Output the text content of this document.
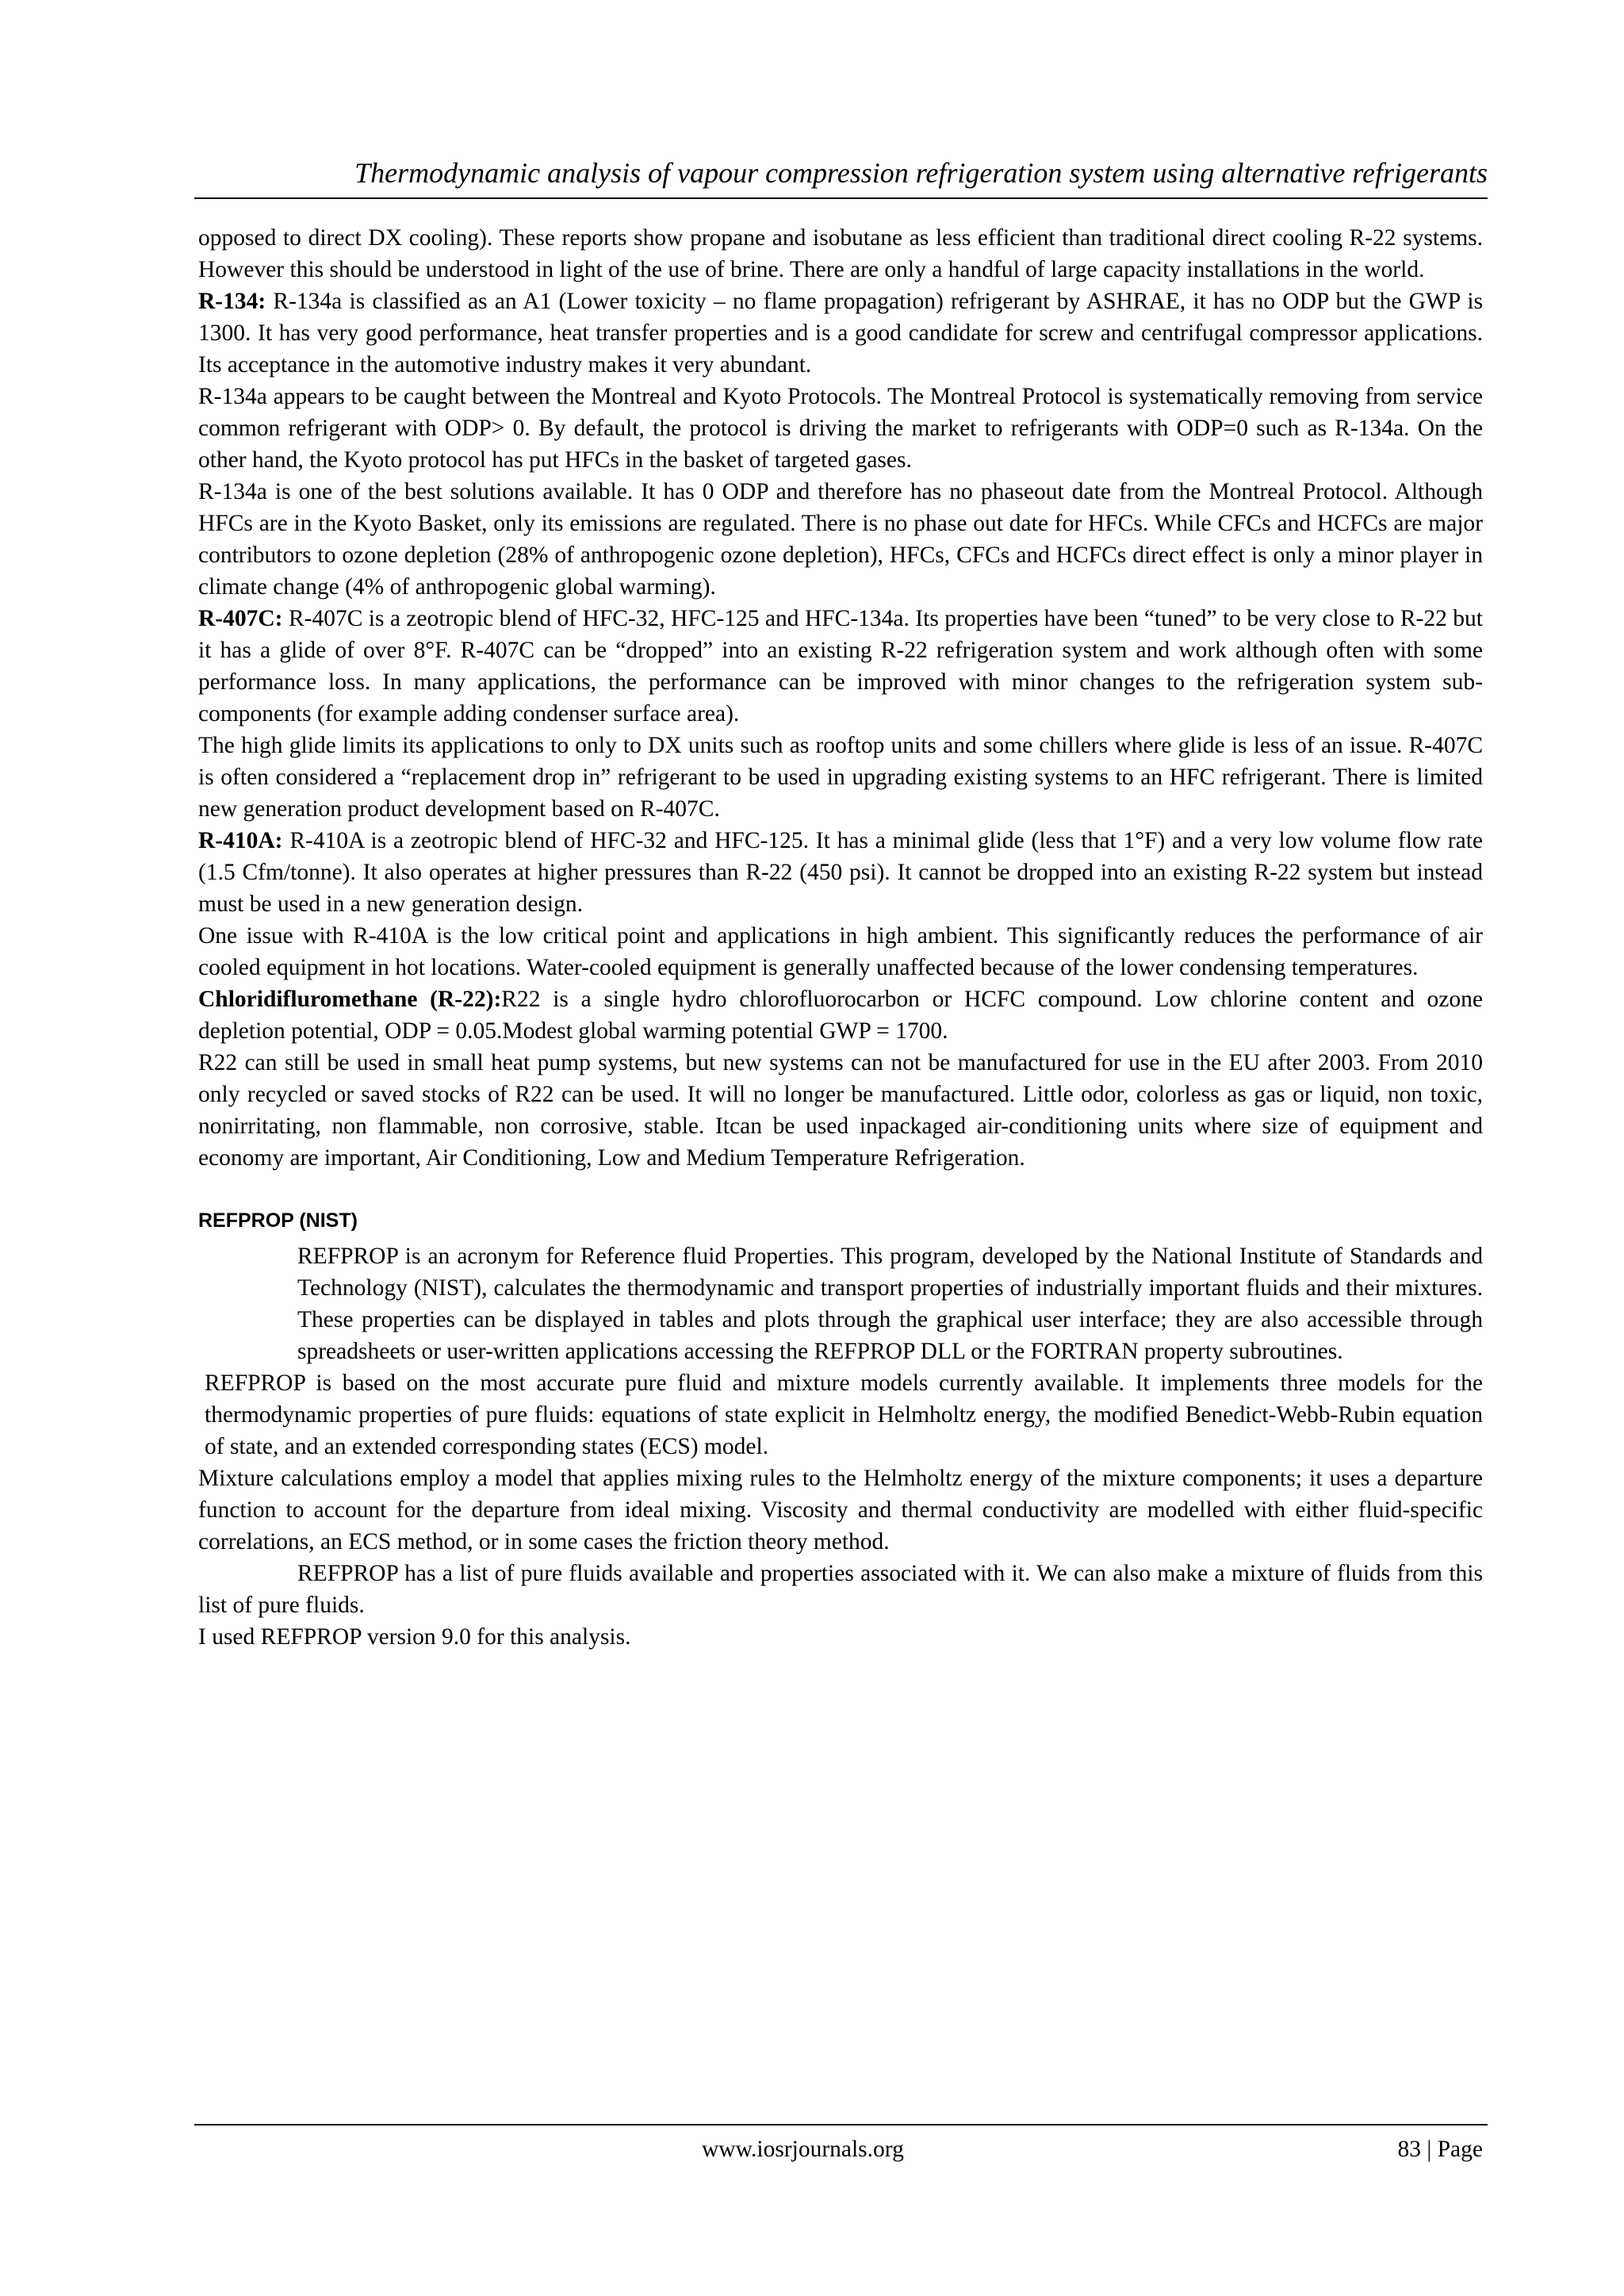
Thermodynamic analysis of vapour compression refrigeration system using alternative refrigerants

opposed to direct DX cooling). These reports show propane and isobutane as less efficient than traditional direct cooling R-22 systems. However this should be understood in light of the use of brine. There are only a handful of large capacity installations in the world.

R-134: R-134a is classified as an A1 (Lower toxicity – no flame propagation) refrigerant by ASHRAE, it has no ODP but the GWP is 1300. It has very good performance, heat transfer properties and is a good candidate for screw and centrifugal compressor applications. Its acceptance in the automotive industry makes it very abundant.

R-134a appears to be caught between the Montreal and Kyoto Protocols. The Montreal Protocol is systematically removing from service common refrigerant with ODP> 0. By default, the protocol is driving the market to refrigerants with ODP=0 such as R-134a. On the other hand, the Kyoto protocol has put HFCs in the basket of targeted gases.

R-134a is one of the best solutions available. It has 0 ODP and therefore has no phaseout date from the Montreal Protocol. Although HFCs are in the Kyoto Basket, only its emissions are regulated. There is no phase out date for HFCs. While CFCs and HCFCs are major contributors to ozone depletion (28% of anthropogenic ozone depletion), HFCs, CFCs and HCFCs direct effect is only a minor player in climate change (4% of anthropogenic global warming).

R-407C: R-407C is a zeotropic blend of HFC-32, HFC-125 and HFC-134a. Its properties have been “tuned” to be very close to R-22 but it has a glide of over 8°F. R-407C can be “dropped” into an existing R-22 refrigeration system and work although often with some performance loss. In many applications, the performance can be improved with minor changes to the refrigeration system sub-components (for example adding condenser surface area).

The high glide limits its applications to only to DX units such as rooftop units and some chillers where glide is less of an issue. R-407C is often considered a “replacement drop in” refrigerant to be used in upgrading existing systems to an HFC refrigerant. There is limited new generation product development based on R-407C.

R-410A: R-410A is a zeotropic blend of HFC-32 and HFC-125. It has a minimal glide (less that 1°F) and a very low volume flow rate (1.5 Cfm/tonne). It also operates at higher pressures than R-22 (450 psi). It cannot be dropped into an existing R-22 system but instead must be used in a new generation design.

One issue with R-410A is the low critical point and applications in high ambient. This significantly reduces the performance of air cooled equipment in hot locations. Water-cooled equipment is generally unaffected because of the lower condensing temperatures.

Chloridifluromethane (R-22):R22 is a single hydro chlorofluorocarbon or HCFC compound. Low chlorine content and ozone depletion potential, ODP = 0.05.Modest global warming potential GWP = 1700.

R22 can still be used in small heat pump systems, but new systems can not be manufactured for use in the EU after 2003. From 2010 only recycled or saved stocks of R22 can be used. It will no longer be manufactured. Little odor, colorless as gas or liquid, non toxic, nonirritating, non flammable, non corrosive, stable. Itcan be used inpackaged air-conditioning units where size of equipment and economy are important, Air Conditioning, Low and Medium Temperature Refrigeration.

REFPROP (NIST)

REFPROP is an acronym for Reference fluid Properties. This program, developed by the National Institute of Standards and Technology (NIST), calculates the thermodynamic and transport properties of industrially important fluids and their mixtures. These properties can be displayed in tables and plots through the graphical user interface; they are also accessible through spreadsheets or user-written applications accessing the REFPROP DLL or the FORTRAN property subroutines.

REFPROP is based on the most accurate pure fluid and mixture models currently available. It implements three models for the thermodynamic properties of pure fluids: equations of state explicit in Helmholtz energy, the modified Benedict-Webb-Rubin equation of state, and an extended corresponding states (ECS) model.

Mixture calculations employ a model that applies mixing rules to the Helmholtz energy of the mixture components; it uses a departure function to account for the departure from ideal mixing. Viscosity and thermal conductivity are modelled with either fluid-specific correlations, an ECS method, or in some cases the friction theory method.

REFPROP has a list of pure fluids available and properties associated with it. We can also make a mixture of fluids from this list of pure fluids.

I used REFPROP version 9.0 for this analysis.

www.iosrjournals.org	83 | Page
